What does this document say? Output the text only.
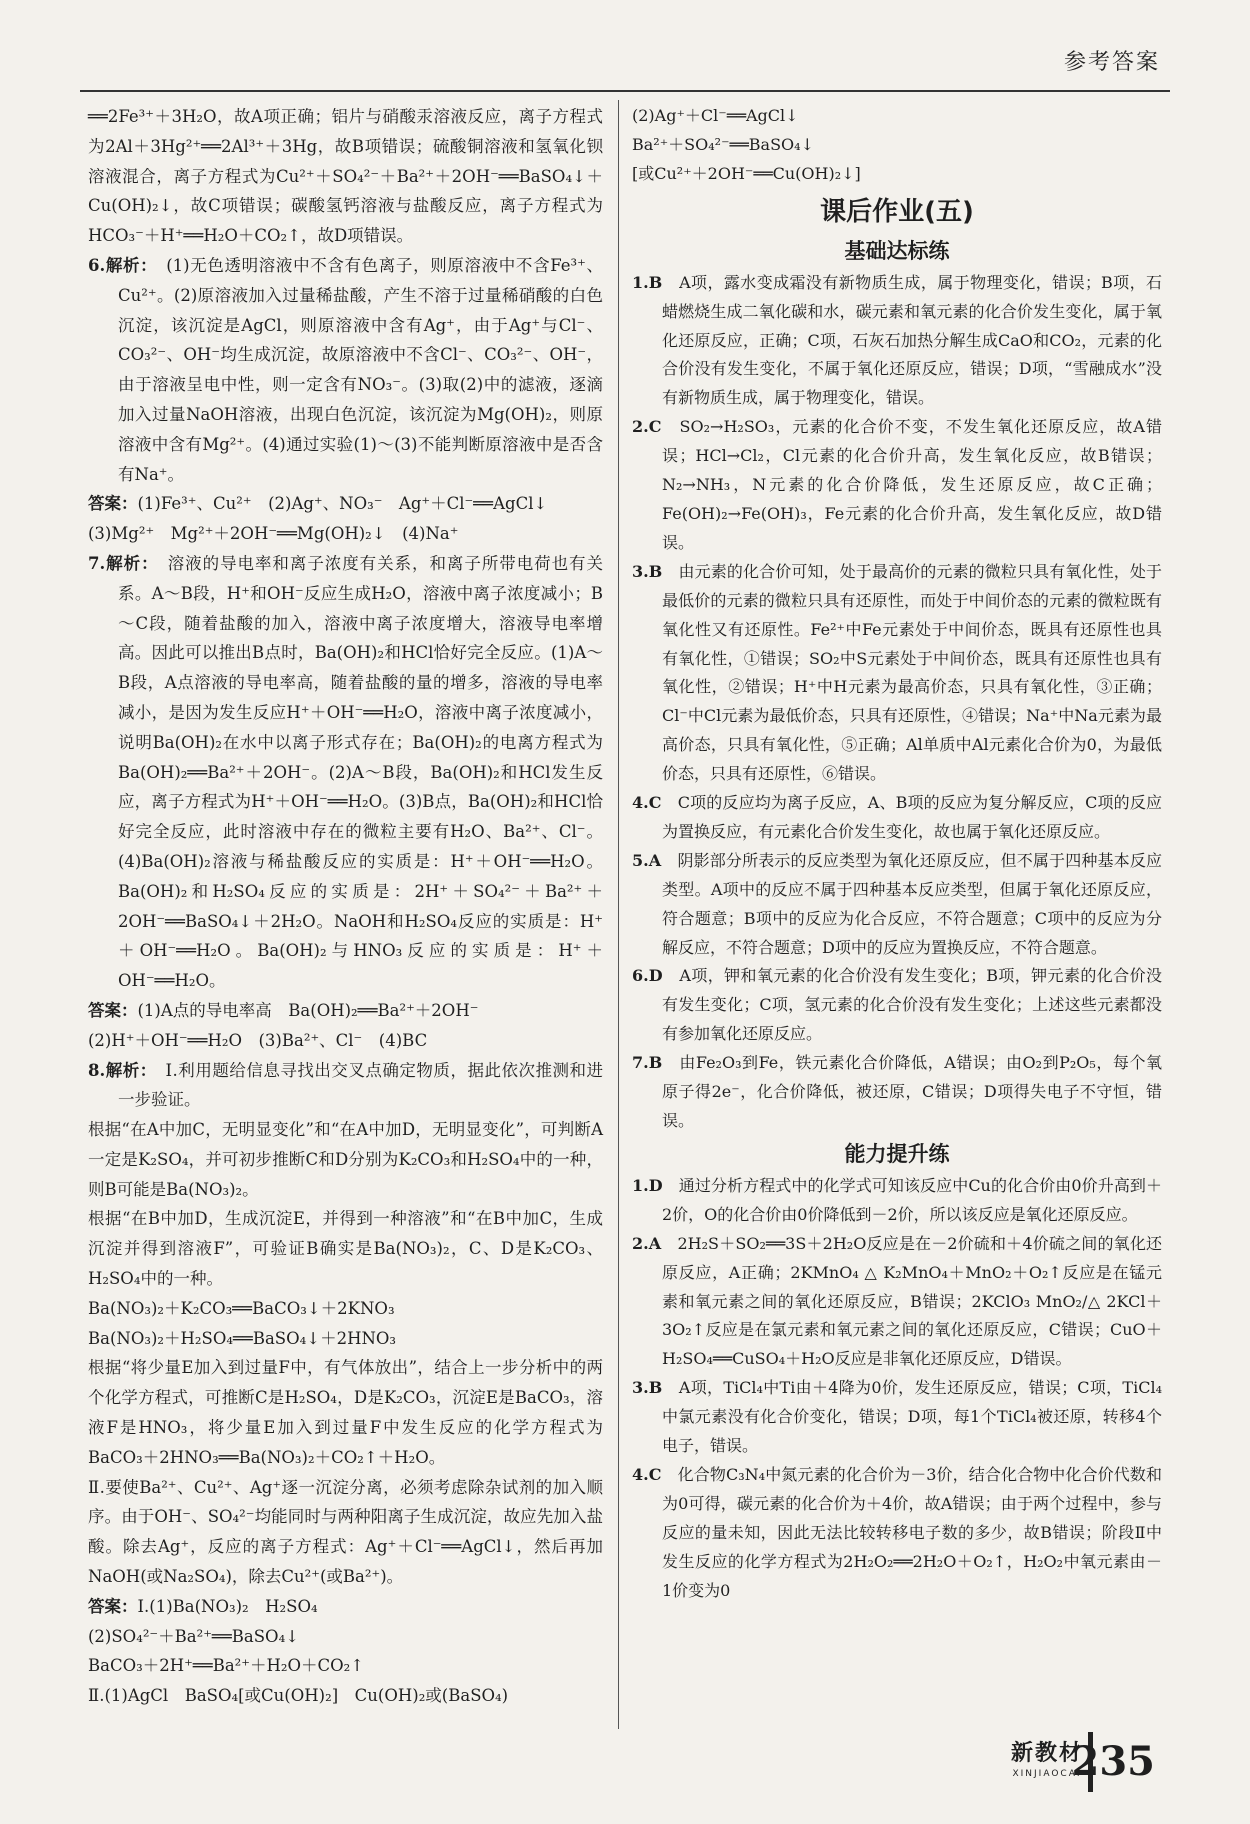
参考答案

══2Fe³⁺＋3H₂O，故A项正确；铝片与硝酸汞溶液反应，离子方程式为2Al＋3Hg²⁺══2Al³⁺＋3Hg，故B项错误；硫酸铜溶液和氢氧化钡溶液混合，离子方程式为Cu²⁺＋SO₄²⁻＋Ba²⁺＋2OH⁻══BaSO₄↓＋Cu(OH)₂↓，故C项错误；碳酸氢钙溶液与盐酸反应，离子方程式为HCO₃⁻＋H⁺══H₂O＋CO₂↑，故D项错误。

6.解析：　(1)无色透明溶液中不含有色离子，则原溶液中不含Fe³⁺、Cu²⁺。(2)原溶液加入过量稀盐酸，产生不溶于过量稀硝酸的白色沉淀，该沉淀是AgCl，则原溶液中含有Ag⁺，由于Ag⁺与Cl⁻、CO₃²⁻、OH⁻均生成沉淀，故原溶液中不含Cl⁻、CO₃²⁻、OH⁻，由于溶液呈电中性，则一定含有NO₃⁻。(3)取(2)中的滤液，逐滴加入过量NaOH溶液，出现白色沉淀，该沉淀为Mg(OH)₂，则原溶液中含有Mg²⁺。(4)通过实验(1)～(3)不能判断原溶液中是否含有Na⁺。

答案：(1)Fe³⁺、Cu²⁺　(2)Ag⁺、NO₃⁻　Ag⁺＋Cl⁻══AgCl↓

(3)Mg²⁺　Mg²⁺＋2OH⁻══Mg(OH)₂↓　(4)Na⁺

7.解析：　溶液的导电率和离子浓度有关系，和离子所带电荷也有关系。A～B段，H⁺和OH⁻反应生成H₂O，溶液中离子浓度减小；B～C段，随着盐酸的加入，溶液中离子浓度增大，溶液导电率增高。因此可以推出B点时，Ba(OH)₂和HCl恰好完全反应。(1)A～B段，A点溶液的导电率高，随着盐酸的量的增多，溶液的导电率减小，是因为发生反应H⁺＋OH⁻══H₂O，溶液中离子浓度减小，说明Ba(OH)₂在水中以离子形式存在；Ba(OH)₂的电离方程式为Ba(OH)₂══Ba²⁺＋2OH⁻。(2)A～B段，Ba(OH)₂和HCl发生反应，离子方程式为H⁺＋OH⁻══H₂O。(3)B点，Ba(OH)₂和HCl恰好完全反应，此时溶液中存在的微粒主要有H₂O、Ba²⁺、Cl⁻。(4)Ba(OH)₂溶液与稀盐酸反应的实质是：H⁺＋OH⁻══H₂O。Ba(OH)₂和H₂SO₄反应的实质是：2H⁺＋SO₄²⁻＋Ba²⁺＋2OH⁻══BaSO₄↓＋2H₂O。NaOH和H₂SO₄反应的实质是：H⁺＋OH⁻══H₂O。Ba(OH)₂与HNO₃反应的实质是：H⁺＋OH⁻══H₂O。

答案：(1)A点的导电率高　Ba(OH)₂══Ba²⁺＋2OH⁻

(2)H⁺＋OH⁻══H₂O　(3)Ba²⁺、Cl⁻　(4)BC

8.解析：　Ⅰ.利用题给信息寻找出交叉点确定物质，据此依次推测和进一步验证。

根据“在A中加C，无明显变化”和“在A中加D，无明显变化”，可判断A一定是K₂SO₄，并可初步推断C和D分别为K₂CO₃和H₂SO₄中的一种，则B可能是Ba(NO₃)₂。

根据“在B中加D，生成沉淀E，并得到一种溶液”和“在B中加C，生成沉淀并得到溶液F”，可验证B确实是Ba(NO₃)₂，C、D是K₂CO₃、H₂SO₄中的一种。

Ba(NO₃)₂＋K₂CO₃══BaCO₃↓＋2KNO₃

Ba(NO₃)₂＋H₂SO₄══BaSO₄↓＋2HNO₃

根据“将少量E加入到过量F中，有气体放出”，结合上一步分析中的两个化学方程式，可推断C是H₂SO₄，D是K₂CO₃，沉淀E是BaCO₃，溶液F是HNO₃，将少量E加入到过量F中发生反应的化学方程式为BaCO₃＋2HNO₃══Ba(NO₃)₂＋CO₂↑＋H₂O。

Ⅱ.要使Ba²⁺、Cu²⁺、Ag⁺逐一沉淀分离，必须考虑除杂试剂的加入顺序。由于OH⁻、SO₄²⁻均能同时与两种阳离子生成沉淀，故应先加入盐酸。除去Ag⁺，反应的离子方程式：Ag⁺＋Cl⁻══AgCl↓，然后再加NaOH(或Na₂SO₄)，除去Cu²⁺(或Ba²⁺)。

答案：Ⅰ.(1)Ba(NO₃)₂　H₂SO₄

(2)SO₄²⁻＋Ba²⁺══BaSO₄↓

BaCO₃＋2H⁺══Ba²⁺＋H₂O＋CO₂↑

Ⅱ.(1)AgCl　BaSO₄[或Cu(OH)₂]　Cu(OH)₂或(BaSO₄)

(2)Ag⁺＋Cl⁻══AgCl↓

Ba²⁺＋SO₄²⁻══BaSO₄↓

[或Cu²⁺＋2OH⁻══Cu(OH)₂↓]

课后作业(五)
基础达标练

1.B　A项，露水变成霜没有新物质生成，属于物理变化，错误；B项，石蜡燃烧生成二氧化碳和水，碳元素和氧元素的化合价发生变化，属于氧化还原反应，正确；C项，石灰石加热分解生成CaO和CO₂，元素的化合价没有发生变化，不属于氧化还原反应，错误；D项，“雪融成水”没有新物质生成，属于物理变化，错误。

2.C　SO₂→H₂SO₃，元素的化合价不变，不发生氧化还原反应，故A错误；HCl→Cl₂，Cl元素的化合价升高，发生氧化反应，故B错误；N₂→NH₃，N元素的化合价降低，发生还原反应，故C正确；Fe(OH)₂→Fe(OH)₃，Fe元素的化合价升高，发生氧化反应，故D错误。

3.B　由元素的化合价可知，处于最高价的元素的微粒只具有氧化性，处于最低价的元素的微粒只具有还原性，而处于中间价态的元素的微粒既有氧化性又有还原性。Fe²⁺中Fe元素处于中间价态，既具有还原性也具有氧化性，①错误；SO₂中S元素处于中间价态，既具有还原性也具有氧化性，②错误；H⁺中H元素为最高价态，只具有氧化性，③正确；Cl⁻中Cl元素为最低价态，只具有还原性，④错误；Na⁺中Na元素为最高价态，只具有氧化性，⑤正确；Al单质中Al元素化合价为0，为最低价态，只具有还原性，⑥错误。

4.C　C项的反应均为离子反应，A、B项的反应为复分解反应，C项的反应为置换反应，有元素化合价发生变化，故也属于氧化还原反应。

5.A　阴影部分所表示的反应类型为氧化还原反应，但不属于四种基本反应类型。A项中的反应不属于四种基本反应类型，但属于氧化还原反应，符合题意；B项中的反应为化合反应，不符合题意；C项中的反应为分解反应，不符合题意；D项中的反应为置换反应，不符合题意。

6.D　A项，钾和氧元素的化合价没有发生变化；B项，钾元素的化合价没有发生变化；C项，氢元素的化合价没有发生变化；上述这些元素都没有参加氧化还原反应。

7.B　由Fe₂O₃到Fe，铁元素化合价降低，A错误；由O₂到P₂O₅，每个氧原子得2e⁻，化合价降低，被还原，C错误；D项得失电子不守恒，错误。

能力提升练

1.D　通过分析方程式中的化学式可知该反应中Cu的化合价由0价升高到＋2价，O的化合价由0价降低到－2价，所以该反应是氧化还原反应。

2.A　2H₂S＋SO₂══3S＋2H₂O反应是在－2价硫和＋4价硫之间的氧化还原反应，A正确；2KMnO₄ △ K₂MnO₄＋MnO₂＋O₂↑反应是在锰元素和氧元素之间的氧化还原反应，B错误；2KClO₃ MnO₂/△ 2KCl＋3O₂↑反应是在氯元素和氧元素之间的氧化还原反应，C错误；CuO＋H₂SO₄══CuSO₄＋H₂O反应是非氧化还原反应，D错误。

3.B　A项，TiCl₄中Ti由＋4降为0价，发生还原反应，错误；C项，TiCl₄中氯元素没有化合价变化，错误；D项，每1个TiCl₄被还原，转移4个电子，错误。

4.C　化合物C₃N₄中氮元素的化合价为－3价，结合化合物中化合价代数和为0可得，碳元素的化合价为＋4价，故A错误；由于两个过程中，参与反应的量未知，因此无法比较转移电子数的多少，故B错误；阶段Ⅱ中发生反应的化学方程式为2H₂O₂══2H₂O＋O₂↑，H₂O₂中氧元素由－1价变为0

新教材
XINJIAOCAI
235
